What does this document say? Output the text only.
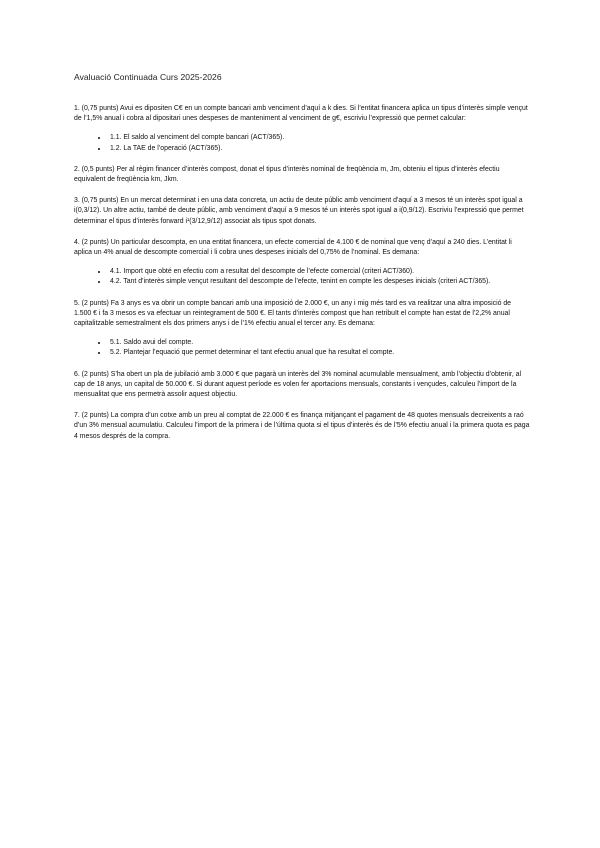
Avaluació Continuada Curs 2025-2026

1. (0,75 punts) Avui es dipositen C€ en un compte bancari amb venciment d’aquí a k dies. Si l’entitat financera aplica un tipus d’interès simple vençut de l’1,5% anual i cobra al dipositari unes despeses de manteniment al venciment de g€, escriviu l’expressió que permet calcular:

• 1.1. El saldo al venciment del compte bancari (ACT/365).
• 1.2. La TAE de l’operació (ACT/365).

2. (0,5 punts) Per al règim financer d’interès compost, donat el tipus d’interès nominal de freqüència m, Jm, obteniu el tipus d’interès efectiu equivalent de freqüència km, Jkm.

3. (0,75 punts) En un mercat determinat i en una data concreta, un actiu de deute públic amb venciment d’aquí a 3 mesos té un interès spot igual a i(0,3/12). Un altre actiu, també de deute públic, amb venciment d’aquí a 9 mesos té un interès spot igual a i(0,9/12). Escriviu l’expressió que permet determinar el tipus d’interès forward i¹(3/12,9/12) associat als tipus spot donats.

4. (2 punts) Un particular descompta, en una entitat financera, un efecte comercial de 4.100 € de nominal que venç d’aquí a 240 dies. L’entitat li aplica un 4% anual de descompte comercial i li cobra unes despeses inicials del 0,75% de l’nominal. Es demana:

• 4.1. Import que obté en efectiu com a resultat del descompte de l’efecte comercial (criteri ACT/360).
• 4.2. Tant d’interès simple vençut resultant del descompte de l’efecte, tenint en compte les despeses inicials (criteri ACT/365).

5. (2 punts) Fa 3 anys es va obrir un compte bancari amb una imposició de 2.000 €, un any i mig més tard es va realitzar una altra imposició de 1.500 € i fa 3 mesos es va efectuar un reintegrament de 500 €. El tants d’interès compost que han retribuït el compte han estat de l’2,2% anual capitalitzable semestralment els dos primers anys i de l’1% efectiu anual el tercer any. Es demana:

• 5.1. Saldo avui del compte.
• 5.2. Plantejar l’equació que permet determinar el tant efectiu anual que ha resultat el compte.

6. (2 punts) S’ha obert un pla de jubilació amb 3.000 € que pagarà un interès del 3% nominal acumulable mensualment, amb l’objectiu d’obtenir, al cap de 18 anys, un capital de 50.000 €. Si durant aquest període es volen fer aportacions mensuals, constants i vençudes, calculeu l’import de la mensualitat que ens permetrà assolir aquest objectiu.

7. (2 punts) La compra d’un cotxe amb un preu al comptat de 22.000 € es finança mitjançant el pagament de 48 quotes mensuals decreixents a raó d’un 3% mensual acumulatiu. Calculeu l’import de la primera i de l’última quota si el tipus d’interès és de l’5% efectiu anual i la primera quota es paga 4 mesos després de la compra.
